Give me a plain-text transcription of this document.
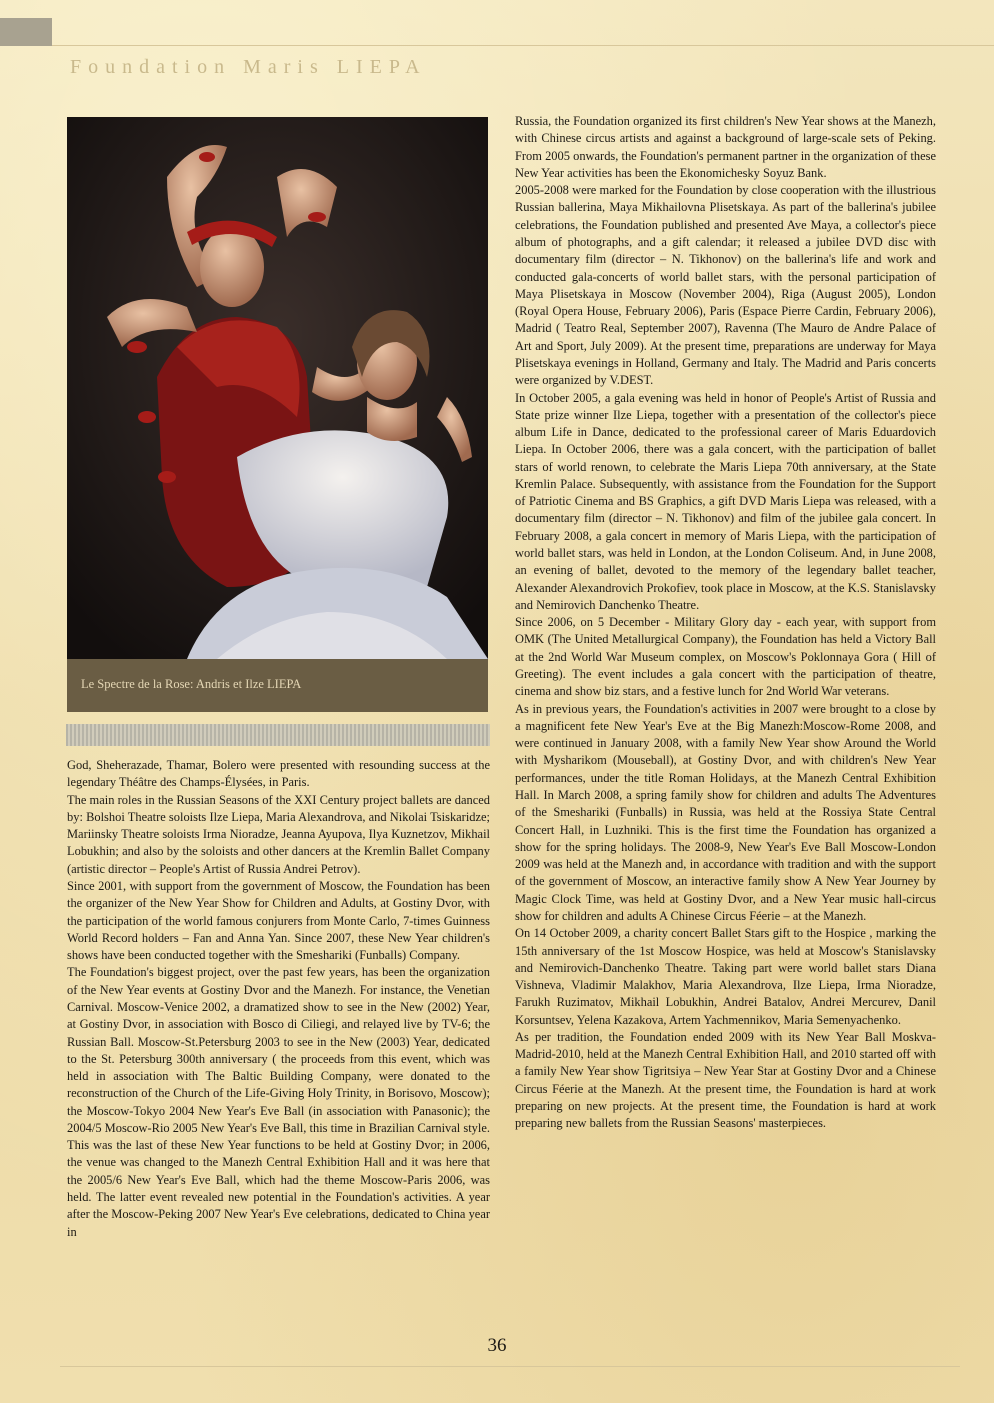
Foundation Maris LIEPA
Le Spectre de la Rose: Andris et Ilze LIEPA

God, Sheherazade, Thamar, Bolero were presented with resounding success at the legendary Théâtre des Champs-Élysées, in Paris.

The main roles in the Russian Seasons of the XXI Century project ballets are danced by: Bolshoi Theatre soloists Ilze Liepa, Maria Alexandrova, and Nikolai Tsiskaridze; Mariinsky Theatre soloists Irma Nioradze, Jeanna Ayupova, Ilya Kuznetzov, Mikhail Lobukhin; and also by the soloists and other dancers at the Kremlin Ballet Company (artistic director – People's Artist of Russia Andrei Petrov).

Since 2001, with support from the government of Moscow, the Foundation has been the organizer of the New Year Show for Children and Adults, at Gostiny Dvor, with the participation of the world famous conjurers from Monte Carlo, 7-times Guinness World Record holders – Fan and Anna Yan. Since 2007, these New Year children's shows have been conducted together with the Smeshariki (Funballs) Company.

The Foundation's biggest project, over the past few years, has been the organization of the New Year events at Gostiny Dvor and the Manezh. For instance, the Venetian Carnival. Moscow-Venice 2002, a dramatized show to see in the New (2002) Year, at Gostiny Dvor, in association with Bosco di Ciliegi, and relayed live by TV-6; the Russian Ball. Moscow-St.Petersburg 2003 to see in the New (2003) Year, dedicated to the St. Petersburg 300th anniversary ( the proceeds from this event, which was held in association with The Baltic Building Company, were donated to the reconstruction of the Church of the Life-Giving Holy Trinity, in Borisovo, Moscow); the Moscow-Tokyo 2004 New Year's Eve Ball (in association with Panasonic); the 2004/5 Moscow-Rio 2005 New Year's Eve Ball, this time in Brazilian Carnival style. This was the last of these New Year functions to be held at Gostiny Dvor; in 2006, the venue was changed to the Manezh Central Exhibition Hall and it was here that the 2005/6 New Year's Eve Ball, which had the theme Moscow-Paris 2006, was held. The latter event revealed new potential in the Foundation's activities. A year after the Moscow-Peking 2007 New Year's Eve celebrations, dedicated to China year in

Russia, the Foundation organized its first children's New Year shows at the Manezh, with Chinese circus artists and against a background of large-scale sets of Peking. From 2005 onwards, the Foundation's permanent partner in the organization of these New Year activities has been the Ekonomichesky Soyuz Bank.

2005-2008 were marked for the Foundation by close cooperation with the illustrious Russian ballerina, Maya Mikhailovna Plisetskaya. As part of the ballerina's jubilee celebrations, the Foundation published and presented Ave Maya, a collector's piece album of photographs, and a gift calendar; it released a jubilee DVD disc with documentary film (director – N. Tikhonov) on the ballerina's life and work and conducted gala-concerts of world ballet stars, with the personal participation of Maya Plisetskaya in Moscow (November 2004), Riga (August 2005), London (Royal Opera House, February 2006), Paris (Espace Pierre Cardin, February 2006), Madrid ( Teatro Real, September 2007), Ravenna (The Mauro de Andre Palace of Art and Sport, July 2009). At the present time, preparations are underway for Maya Plisetskaya evenings in Holland, Germany and Italy. The Madrid and Paris concerts were organized by V.DEST.

In October 2005, a gala evening was held in honor of People's Artist of Russia and State prize winner Ilze Liepa, together with a presentation of the collector's piece album Life in Dance, dedicated to the professional career of Maris Eduardovich Liepa. In October 2006, there was a gala concert, with the participation of ballet stars of world renown, to celebrate the Maris Liepa 70th anniversary, at the State Kremlin Palace. Subsequently, with assistance from the Foundation for the Support of Patriotic Cinema and BS Graphics, a gift DVD Maris Liepa was released, with a documentary film (director – N. Tikhonov) and film of the jubilee gala concert. In February 2008, a gala concert in memory of Maris Liepa, with the participation of world ballet stars, was held in London, at the London Coliseum. And, in June 2008, an evening of ballet, devoted to the memory of the legendary ballet teacher, Alexander Alexandrovich Prokofiev, took place in Moscow, at the K.S. Stanislavsky and Nemirovich Danchenko Theatre.

Since 2006, on 5 December - Military Glory day - each year, with support from OMK (The United Metallurgical Company), the Foundation has held a Victory Ball at the 2nd World War Museum complex, on Moscow's Poklonnaya Gora ( Hill of Greeting). The event includes a gala concert with the participation of theatre, cinema and show biz stars, and a festive lunch for 2nd World War veterans.

As in previous years, the Foundation's activities in 2007 were brought to a close by a magnificent fete New Year's Eve at the Big Manezh:Moscow-Rome 2008, and were continued in January 2008, with a family New Year show Around the World with Mysharikom (Mouseball), at Gostiny Dvor, and with children's New Year performances, under the title Roman Holidays, at the Manezh Central Exhibition Hall. In March 2008, a spring family show for children and adults The Adventures of the Smeshariki (Funballs) in Russia, was held at the Rossiya State Central Concert Hall, in Luzhniki. This is the first time the Foundation has organized a show for the spring holidays. The 2008-9, New Year's Eve Ball Moscow-London 2009 was held at the Manezh and, in accordance with tradition and with the support of the government of Moscow, an interactive family show A New Year Journey by Magic Clock Time, was held at Gostiny Dvor, and a New Year music hall-circus show for children and adults A Chinese Circus Féerie – at the Manezh.

On 14 October 2009, a charity concert Ballet Stars gift to the Hospice , marking the 15th anniversary of the 1st Moscow Hospice, was held at Moscow's Stanislavsky and Nemirovich-Danchenko Theatre. Taking part were world ballet stars Diana Vishneva, Vladimir Malakhov, Maria Alexandrova, Ilze Liepa, Irma Nioradze, Farukh Ruzimatov, Mikhail Lobukhin, Andrei Batalov, Andrei Mercurev, Danil Korsuntsev, Yelena Kazakova, Artem Yachmennikov, Maria Semenyachenko.

As per tradition, the Foundation ended 2009 with its New Year Ball Moskva-Madrid-2010, held at the Manezh Central Exhibition Hall, and 2010 started off with a family New Year show Tigritsiya – New Year Star at Gostiny Dvor and a Chinese Circus Féerie at the Manezh. At the present time, the Foundation is hard at work preparing on new projects. At the present time, the Foundation is hard at work preparing new ballets from the Russian Seasons' masterpieces.

36
